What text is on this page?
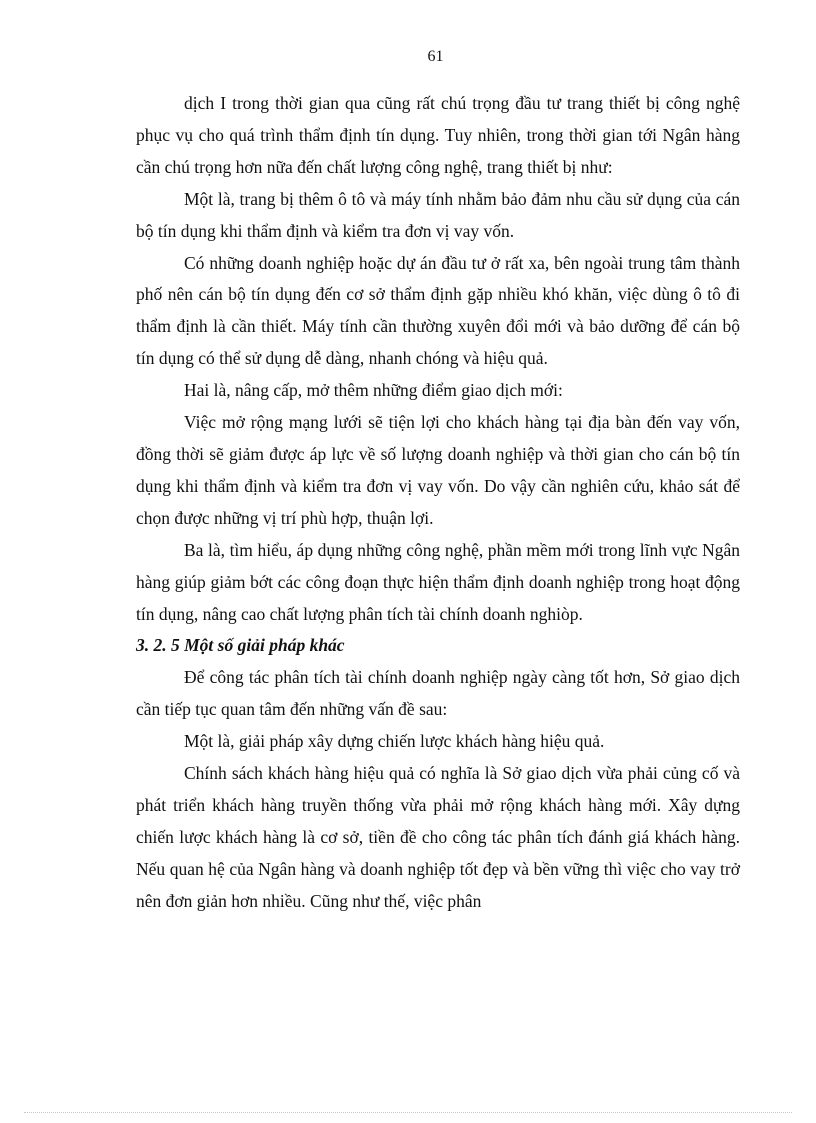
61

dịch I trong thời gian qua cũng rất chú trọng đầu tư trang thiết bị công nghệ phục vụ cho quá trình thẩm định tín dụng. Tuy nhiên, trong thời gian tới Ngân hàng cần chú trọng hơn nữa đến chất lượng công nghệ, trang thiết bị như:

Một là, trang bị thêm ô tô và máy tính nhằm bảo đảm nhu cầu sử dụng của cán bộ tín dụng khi thẩm định và kiểm tra đơn vị vay vốn.

Có những doanh nghiệp hoặc dự án đầu tư ở rất xa, bên ngoài trung tâm thành phố nên cán bộ tín dụng đến cơ sở thẩm định gặp nhiều khó khăn, việc dùng ô tô đi thẩm định là cần thiết. Máy tính cần thường xuyên đổi mới và bảo dưỡng để cán bộ tín dụng có thể sử dụng dễ dàng, nhanh chóng và hiệu quả.

Hai là, nâng cấp, mở thêm những điểm giao dịch mới:

Việc mở rộng mạng lưới sẽ tiện lợi cho khách hàng tại địa bàn đến vay vốn, đồng thời sẽ giảm được áp lực về số lượng doanh nghiệp và thời gian cho cán bộ tín dụng khi thẩm định và kiểm tra đơn vị vay vốn. Do vậy cần nghiên cứu, khảo sát để chọn được những vị trí phù hợp, thuận lợi.

Ba là, tìm hiểu, áp dụng những công nghệ, phần mềm mới trong lĩnh vực Ngân hàng giúp giảm bớt các công đoạn thực hiện thẩm định doanh nghiệp trong hoạt động tín dụng, nâng cao chất lượng phân tích tài chính doanh nghiòp.

3. 2. 5 Một số giải pháp khác

Để công tác phân tích tài chính doanh nghiệp ngày càng tốt hơn, Sở giao dịch cần tiếp tục quan tâm đến những vấn đề sau:

Một là, giải pháp xây dựng chiến lược khách hàng hiệu quả.

Chính sách khách hàng hiệu quả có nghĩa là Sở giao dịch vừa phải củng cố và phát triển khách hàng truyền thống vừa phải mở rộng khách hàng mới. Xây dựng chiến lược khách hàng là cơ sở, tiền đề cho công tác phân tích đánh giá khách hàng. Nếu quan hệ của Ngân hàng và doanh nghiệp tốt đẹp và bền vững thì việc cho vay trở nên đơn giản hơn nhiều. Cũng như thế, việc phân
